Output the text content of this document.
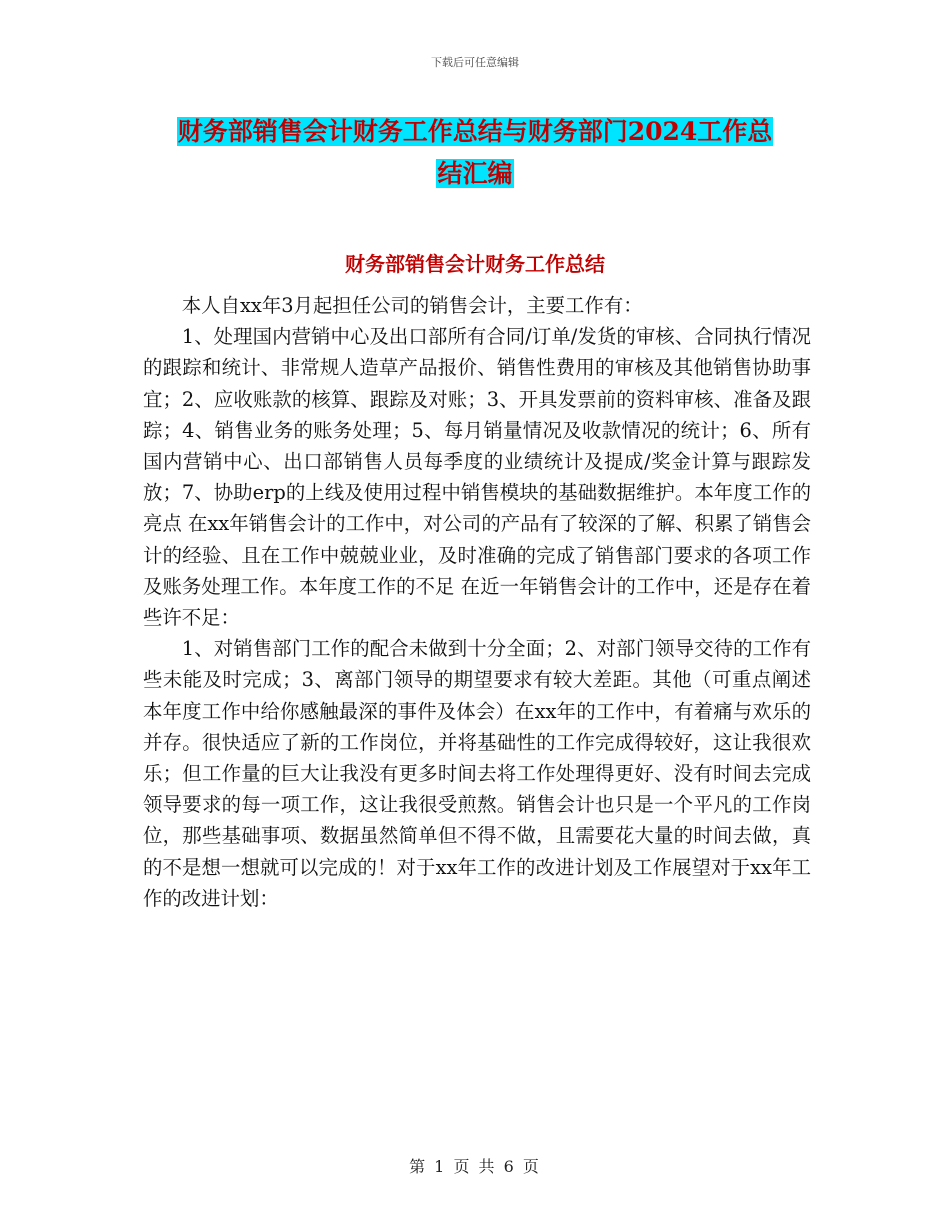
下载后可任意编辑
财务部销售会计财务工作总结与财务部门2024工作总
结汇编
财务部销售会计财务工作总结

本人自xx年3月起担任公司的销售会计，主要工作有：

1、处理国内营销中心及出口部所有合同/订单/发货的审核、合同执行情况的跟踪和统计、非常规人造草产品报价、销售性费用的审核及其他销售协助事宜；2、应收账款的核算、跟踪及对账；3、开具发票前的资料审核、准备及跟踪；4、销售业务的账务处理；5、每月销量情况及收款情况的统计；6、所有国内营销中心、出口部销售人员每季度的业绩统计及提成/奖金计算与跟踪发放；7、协助erp的上线及使用过程中销售模块的基础数据维护。本年度工作的亮点 在xx年销售会计的工作中，对公司的产品有了较深的了解、积累了销售会计的经验、且在工作中兢兢业业，及时准确的完成了销售部门要求的各项工作及账务处理工作。本年度工作的不足 在近一年销售会计的工作中，还是存在着些许不足：

1、对销售部门工作的配合未做到十分全面；2、对部门领导交待的工作有些未能及时完成；3、离部门领导的期望要求有较大差距。其他（可重点阐述本年度工作中给你感触最深的事件及体会）在xx年的工作中，有着痛与欢乐的并存。很快适应了新的工作岗位，并将基础性的工作完成得较好，这让我很欢乐；但工作量的巨大让我没有更多时间去将工作处理得更好、没有时间去完成领导要求的每一项工作，这让我很受煎熬。销售会计也只是一个平凡的工作岗位，那些基础事项、数据虽然简单但不得不做，且需要花大量的时间去做，真的不是想一想就可以完成的！对于xx年工作的改进计划及工作展望对于xx年工作的改进计划：

第 1 页 共 6 页
